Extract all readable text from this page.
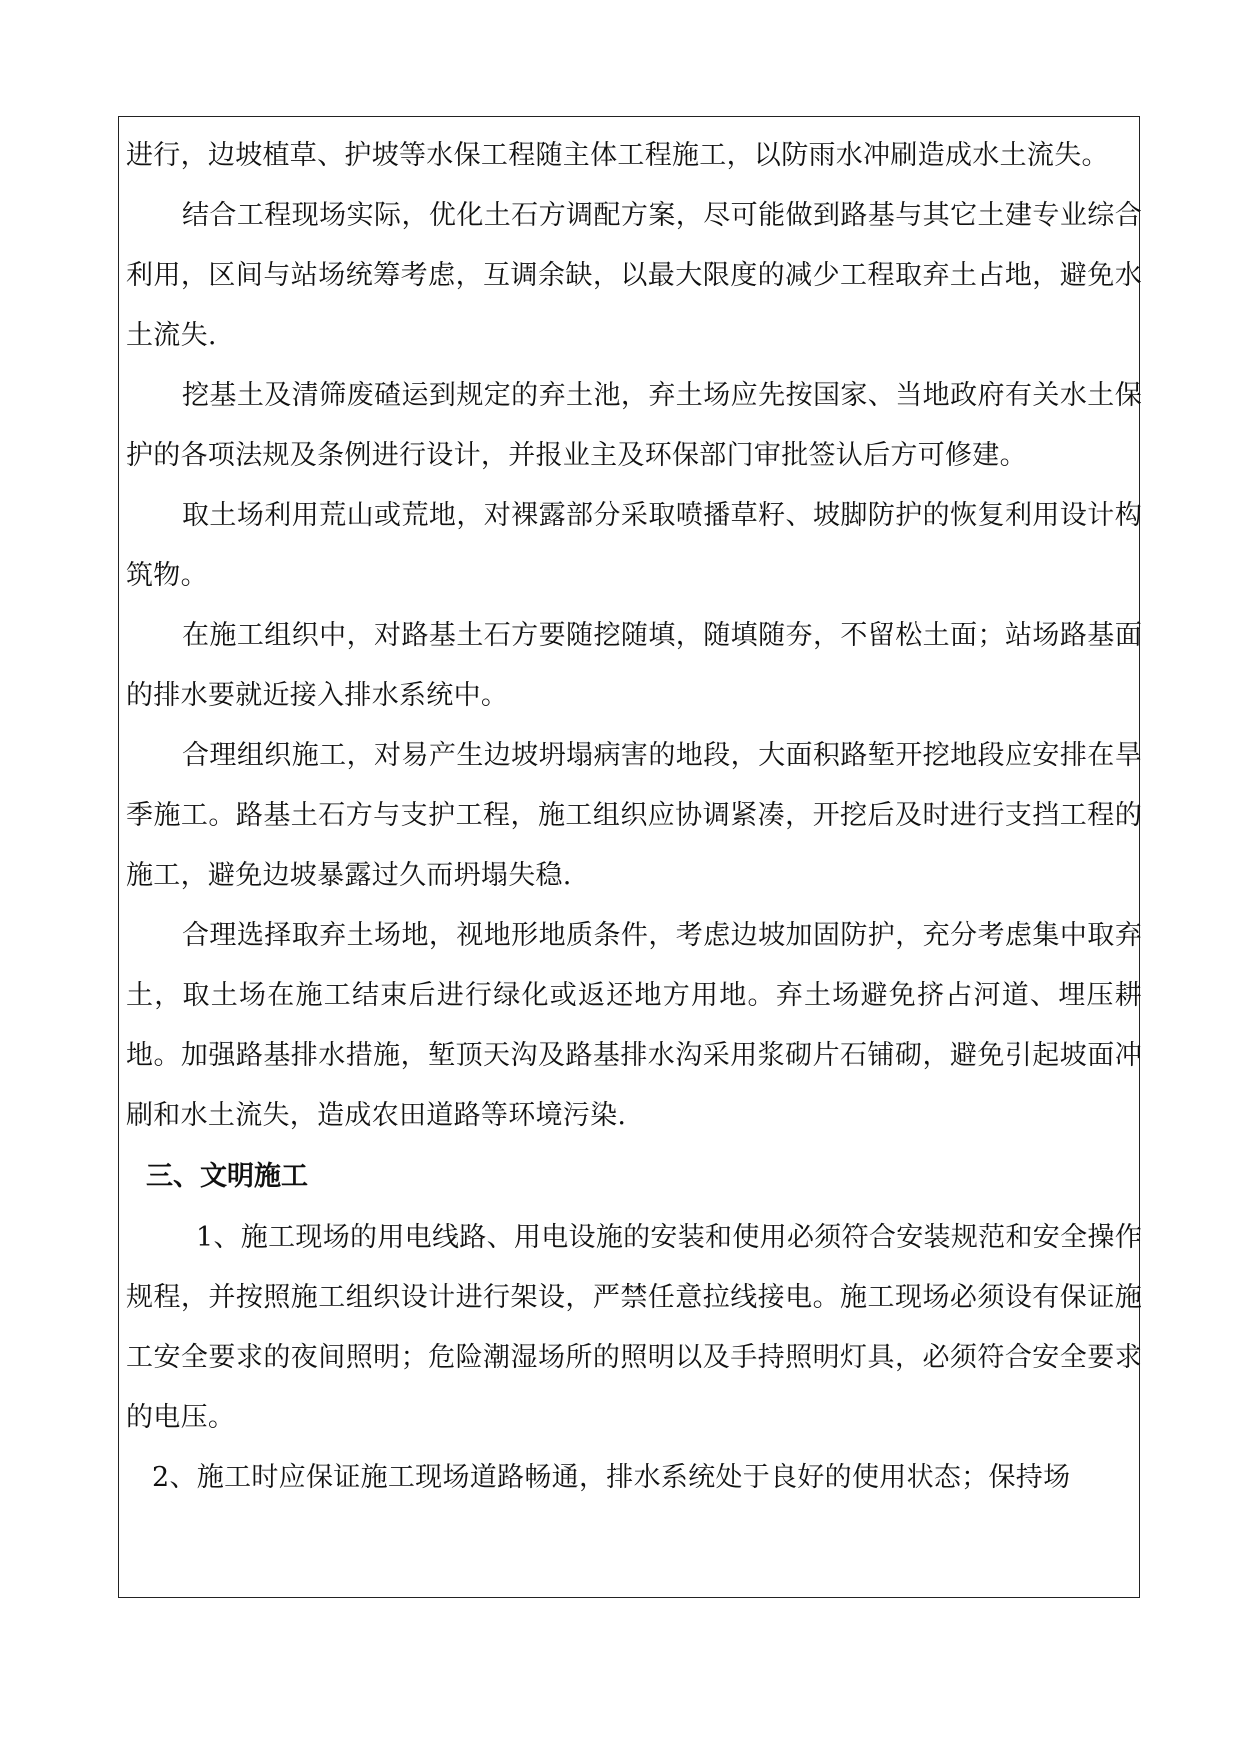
进行，边坡植草、护坡等水保工程随主体工程施工，以防雨水冲刷造成水土流失。

结合工程现场实际，优化土石方调配方案，尽可能做到路基与其它土建专业综合利用，区间与站场统筹考虑，互调余缺，以最大限度的减少工程取弃土占地，避免水土流失.

挖基土及清筛废碴运到规定的弃土池，弃土场应先按国家、当地政府有关水土保护的各项法规及条例进行设计，并报业主及环保部门审批签认后方可修建。

取土场利用荒山或荒地，对裸露部分采取喷播草籽、坡脚防护的恢复利用设计构筑物。

在施工组织中，对路基土石方要随挖随填，随填随夯，不留松土面；站场路基面的排水要就近接入排水系统中。

合理组织施工，对易产生边坡坍塌病害的地段，大面积路堑开挖地段应安排在旱季施工。路基土石方与支护工程，施工组织应协调紧凑，开挖后及时进行支挡工程的施工，避免边坡暴露过久而坍塌失稳.

合理选择取弃土场地，视地形地质条件，考虑边坡加固防护，充分考虑集中取弃土，取土场在施工结束后进行绿化或返还地方用地。弃土场避免挤占河道、埋压耕地。加强路基排水措施，堑顶天沟及路基排水沟采用浆砌片石铺砌，避免引起坡面冲刷和水土流失，造成农田道路等环境污染.

三、文明施工

1、施工现场的用电线路、用电设施的安装和使用必须符合安装规范和安全操作规程，并按照施工组织设计进行架设，严禁任意拉线接电。施工现场必须设有保证施工安全要求的夜间照明；危险潮湿场所的照明以及手持照明灯具，必须符合安全要求的电压。

2、施工时应保证施工现场道路畅通，排水系统处于良好的使用状态；保持场
